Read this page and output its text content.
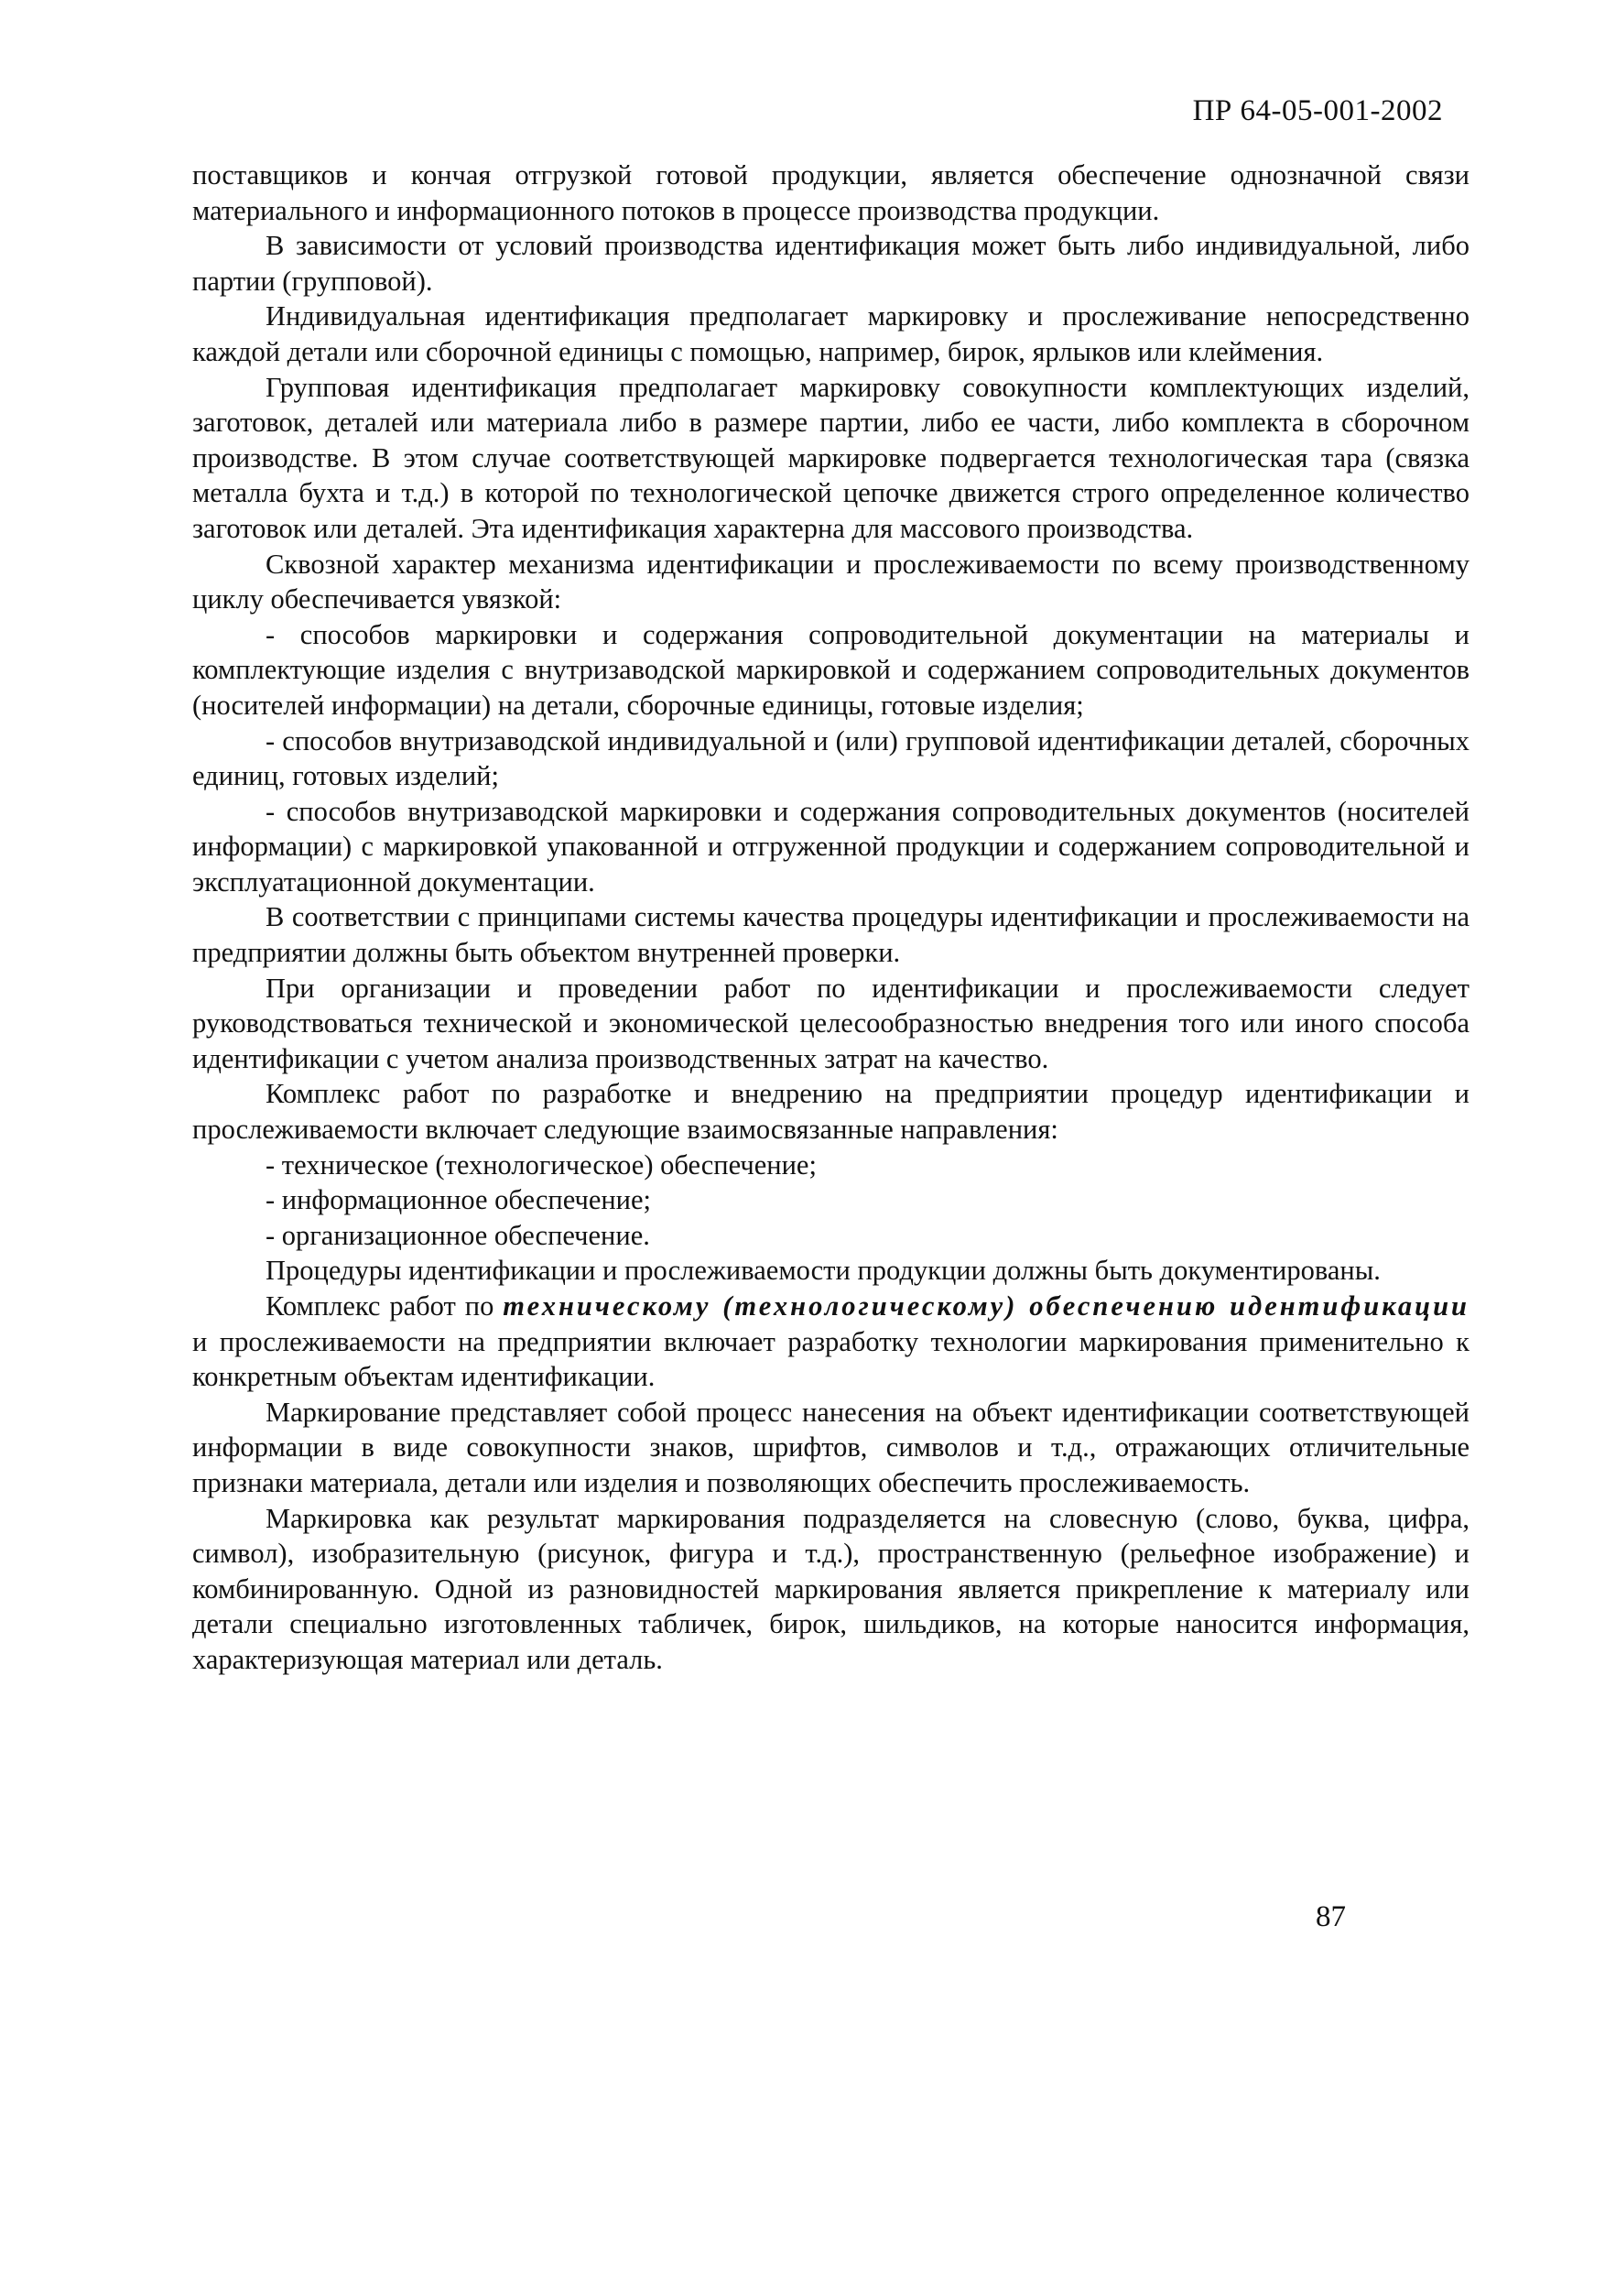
ПР 64-05-001-2002

поставщиков и кончая отгрузкой готовой продукции, является обеспечение однозначной связи материального и информационного потоков в процессе производства продукции.

В зависимости от условий производства идентификация может быть либо индивидуальной, либо партии (групповой).

Индивидуальная идентификация предполагает маркировку и прослеживание непосредственно каждой детали или сборочной единицы с помощью, например, бирок, ярлыков или клеймения.

Групповая идентификация предполагает маркировку совокупности комплектующих изделий, заготовок, деталей или материала либо в размере партии, либо ее части, либо комплекта в сборочном производстве. В этом случае соответствующей маркировке подвергается технологическая тара (связка металла бухта и т.д.) в которой по технологической цепочке движется строго определенное количество заготовок или деталей. Эта идентификация характерна для массового производства.

Сквозной характер механизма идентификации и прослеживаемости по всему производственному циклу обеспечивается увязкой:

- способов маркировки и содержания сопроводительной документации на материалы и комплектующие изделия с внутризаводской маркировкой и содержанием сопроводительных документов (носителей информации) на детали, сборочные единицы, готовые изделия;

- способов внутризаводской индивидуальной и (или) групповой идентификации деталей, сборочных единиц, готовых изделий;

- способов внутризаводской маркировки и содержания сопроводительных документов (носителей информации) с маркировкой упакованной и отгруженной продукции и содержанием сопроводительной и эксплуатационной документации.

В соответствии с принципами системы качества процедуры идентификации и прослеживаемости на предприятии должны быть объектом внутренней проверки.

При организации и проведении работ по идентификации и прослеживаемости следует руководствоваться технической и экономической целесообразностью внедрения того или иного способа идентификации с учетом анализа производственных затрат на качество.

Комплекс работ по разработке и внедрению на предприятии процедур идентификации и прослеживаемости включает следующие взаимосвязанные направления:

- техническое (технологическое) обеспечение;

- информационное обеспечение;

- организационное обеспечение.

Процедуры идентификации и прослеживаемости продукции должны быть документированы.

Комплекс работ по техническому (технологическому) обеспечению идентификации и прослеживаемости на предприятии включает разработку технологии маркирования применительно к конкретным объектам идентификации.

Маркирование представляет собой процесс нанесения на объект идентификации соответствующей информации в виде совокупности знаков, шрифтов, символов и т.д., отражающих отличительные признаки материала, детали или изделия и позволяющих обеспечить прослеживаемость.

Маркировка как результат маркирования подразделяется на словесную (слово, буква, цифра, символ), изобразительную (рисунок, фигура и т.д.), пространственную (рельефное изображение) и комбинированную. Одной из разновидностей маркирования является прикрепление к материалу или детали специально изготовленных табличек, бирок, шильдиков, на которые наносится информация, характеризующая материал или деталь.

87
